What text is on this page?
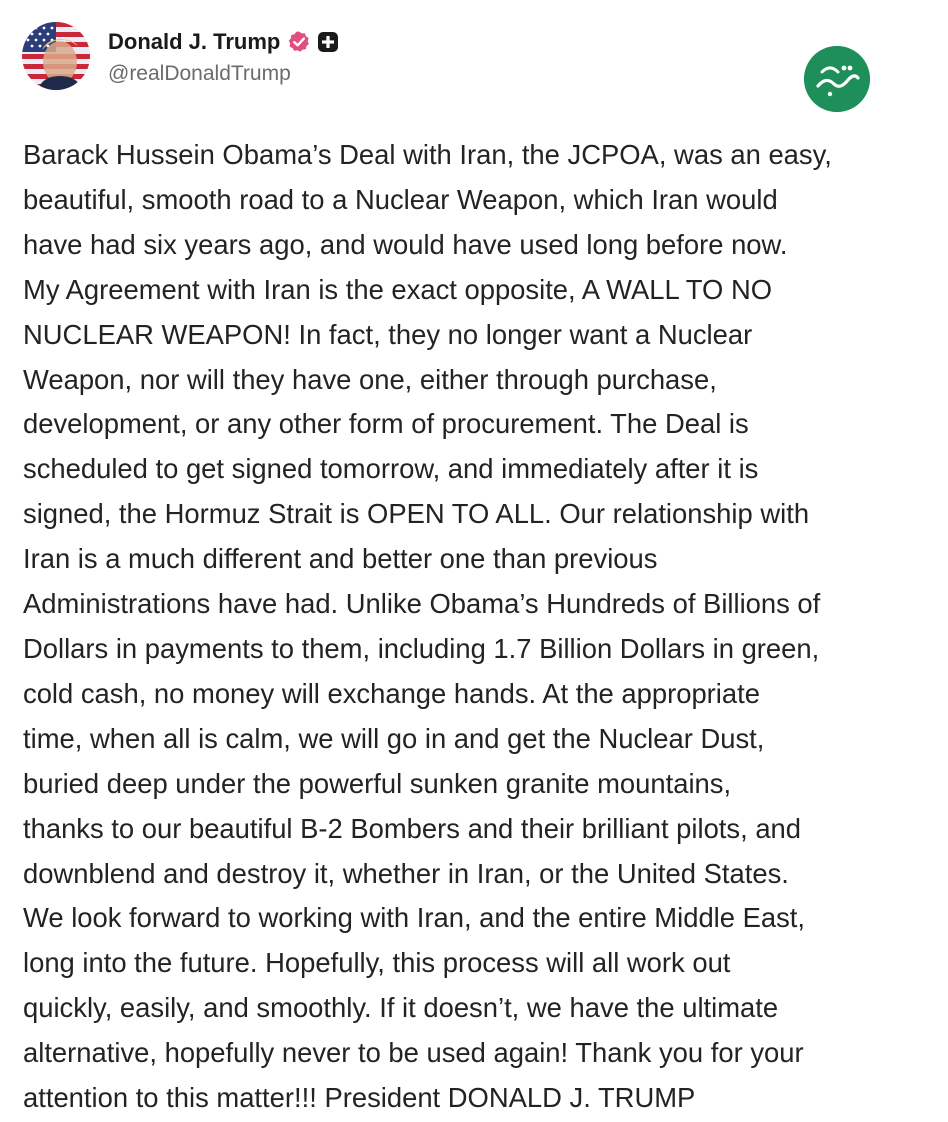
Donald J. Trump
@realDonaldTrump
Barack Hussein Obama’s Deal with Iran, the JCPOA, was an easy,
beautiful, smooth road to a Nuclear Weapon, which Iran would
have had six years ago, and would have used long before now.
My Agreement with Iran is the exact opposite, A WALL TO NO
NUCLEAR WEAPON! In fact, they no longer want a Nuclear
Weapon, nor will they have one, either through purchase,
development, or any other form of procurement. The Deal is
scheduled to get signed tomorrow, and immediately after it is
signed, the Hormuz Strait is OPEN TO ALL. Our relationship with
Iran is a much different and better one than previous
Administrations have had. Unlike Obama’s Hundreds of Billions of
Dollars in payments to them, including 1.7 Billion Dollars in green,
cold cash, no money will exchange hands. At the appropriate
time, when all is calm, we will go in and get the Nuclear Dust,
buried deep under the powerful sunken granite mountains,
thanks to our beautiful B-2 Bombers and their brilliant pilots, and
downblend and destroy it, whether in Iran, or the United States.
We look forward to working with Iran, and the entire Middle East,
long into the future. Hopefully, this process will all work out
quickly, easily, and smoothly. If it doesn’t, we have the ultimate
alternative, hopefully never to be used again! Thank you for your
attention to this matter!!! President DONALD J. TRUMP
